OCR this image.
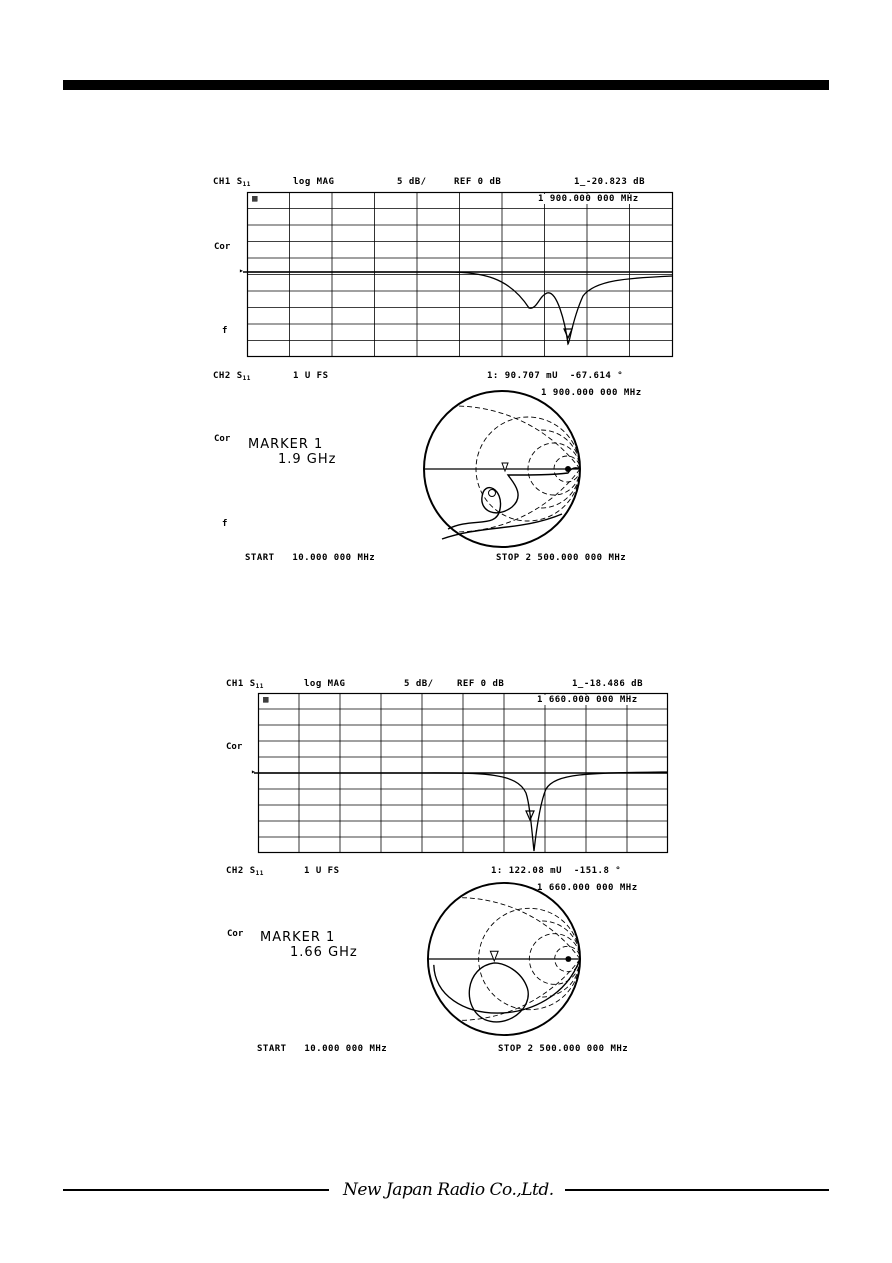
CH1 $S_{11}$	log MAG	5 dB/	REF 0 dB	1_-20.823 dB
▦	1 900.000 000 MHz
Cor
▸
f
CH2 $S_{11}$	1 U FS	1: 90.707 mU  -67.614 °
1 900.000 000 MHz
Cor
f
MARKER 1
1.9 GHz
START   10.000 000 MHz	STOP 2 500.000 000 MHz
CH1 $S_{11}$	log MAG	5 dB/	REF 0 dB	1_-18.486 dB
▦	1 660.000 000 MHz
Cor
▸
CH2 $S_{11}$	1 U FS	1: 122.08 mU  -151.8 °
1 660.000 000 MHz
Cor MARKER 1
1.66 GHz
START   10.000 000 MHz	STOP 2 500.000 000 MHz
New Japan Radio Co.,Ltd.
